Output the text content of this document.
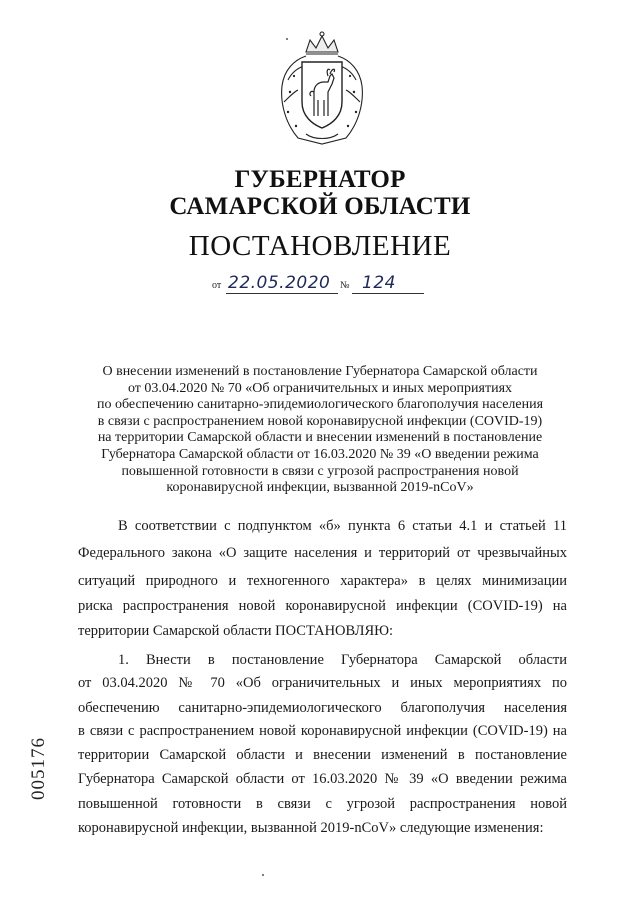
ГУБЕРНАТОР
САМАРСКОЙ ОБЛАСТИ
ПОСТАНОВЛЕНИЕ
от 22.05.2020 № 124
О внесении изменений в постановление Губернатора Самарской области
от 03.04.2020 № 70 «Об ограничительных и иных мероприятиях
по обеспечению санитарно-эпидемиологического благополучия населения
в связи с распространением новой коронавирусной инфекции (COVID-19)
на территории Самарской области и внесении изменений в постановление
Губернатора Самарской области от 16.03.2020 № 39 «О введении режима
повышенной готовности в связи с угрозой распространения новой
коронавирусной инфекции, вызванной 2019-nCoV»
В соответствии с подпунктом «б» пункта 6 статьи 4.1 и статьей 11
Федерального закона «О защите населения и территорий от чрезвычайных
ситуаций природного и техногенного характера» в целях минимизации
риска распространения новой коронавирусной инфекции (COVID-19) на
территории Самарской области ПОСТАНОВЛЯЮ:
1. Внести в постановление Губернатора Самарской области
от 03.04.2020 № 70 «Об ограничительных и иных мероприятиях по
обеспечению санитарно-эпидемиологического благополучия населения
в связи с распространением новой коронавирусной инфекции (COVID-19) на
территории Самарской области и внесении изменений в постановление
Губернатора Самарской области от 16.03.2020 № 39 «О введении режима
повышенной готовности в связи с угрозой распространения новой
коронавирусной инфекции, вызванной 2019-nCoV» следующие изменения:
005176
